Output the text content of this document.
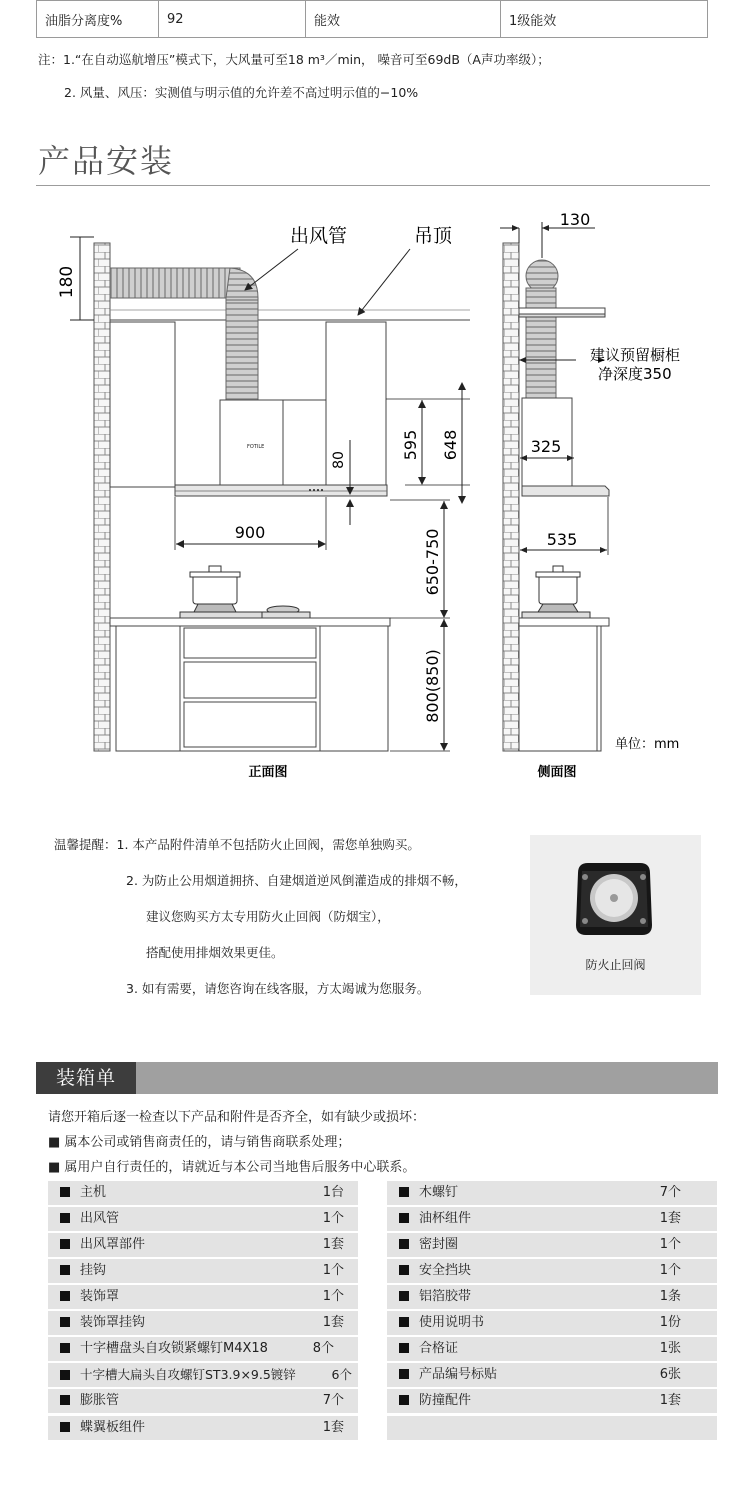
油脂分离度%	92	能效	1级能效
注：1.“在自动巡航增压”模式下，大风量可至18 m³／min， 噪音可至69dB（A声功率级）；
2. 风量、风压：实测值与明示值的允许差不高过明示值的−10%
产品安装
FOTILE
180
出风管	吊顶
80	595 648
900	650-750
800(850)
130
建议预留橱柜
净深度350
325
535
单位：mm
正面图	侧面图
温馨提醒：1. 本产品附件清单不包括防火止回阀，需您单独购买。
2. 为防止公用烟道拥挤、自建烟道逆风倒灌造成的排烟不畅，
建议您购买方太专用防火止回阀（防烟宝），
搭配使用排烟效果更佳。
3. 如有需要，请您咨询在线客服，方太竭诚为您服务。
防火止回阀
装箱单
请您开箱后逐一检查以下产品和附件是否齐全，如有缺少或损坏：
■ 属本公司或销售商责任的，请与销售商联系处理；
■ 属用户自行责任的，请就近与本公司当地售后服务中心联系。
主机	1台
出风管	1个
出风罩部件	1套
挂钩	1个
装饰罩	1个
装饰罩挂钩	1套
十字槽盘头自攻锁紧螺钉M4X18	8个
十字槽大扁头自攻螺钉ST3.9×9.5镀锌	6个
膨胀管	7个
蝶翼板组件	1套
木螺钉	7个
油杯组件	1套
密封圈	1个
安全挡块	1个
铝箔胶带	1条
使用说明书	1份
合格证	1张
产品编号标贴	6张
防撞配件	1套
